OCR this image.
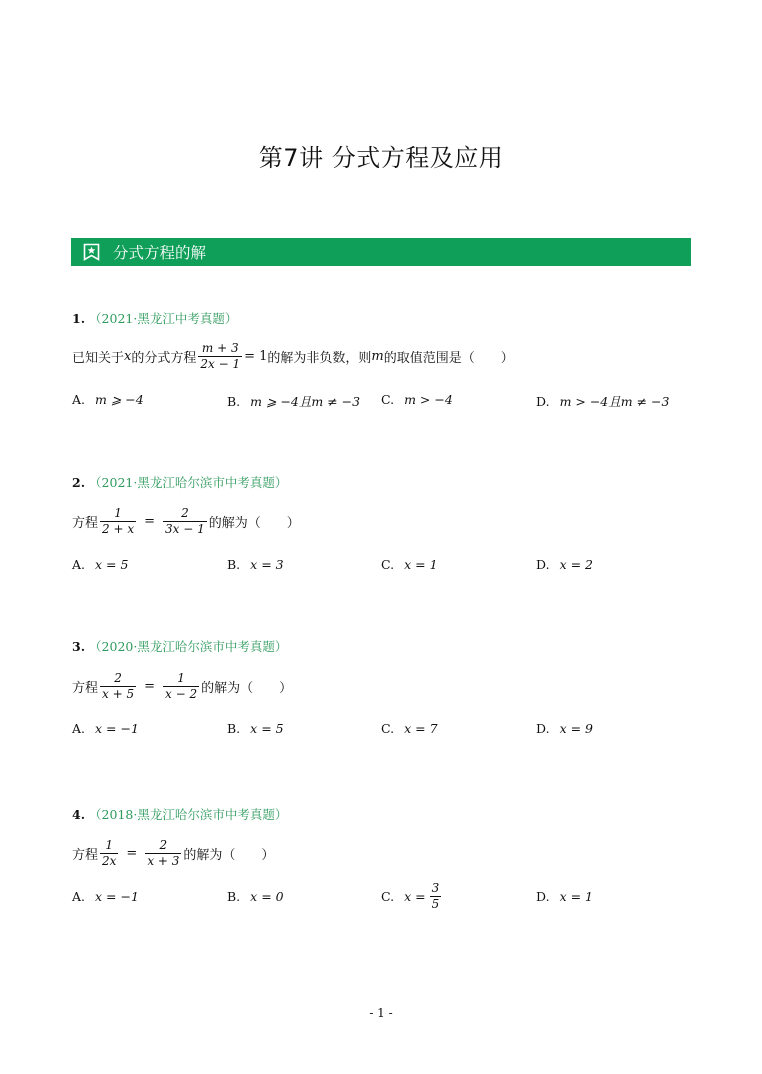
第7讲 分式方程及应用
分式方程的解
1. （2021·黑龙江中考真题）
已知关于 x 的分式方程 $\frac{m + 3}{2x - 1} = 1$ 的解为非负数，则 m 的取值范围是（　　）
A. m ⩾ −4	B. m ⩾ −4且m ≠ −3 C. m > −4	D. m > −4且m ≠ −3
2. （2021·黑龙江哈尔滨市中考真题）
方程 $\frac{1}{2 + x} = \frac{2}{3x - 1}$ 的解为（　　）
A. x = 5	B. x = 3	C. x = 1	D. x = 2
3. （2020·黑龙江哈尔滨市中考真题）
方程 $\frac{2}{x + 5} = \frac{1}{x - 2}$ 的解为（　　）
A. x = −1	B. x = 5	C. x = 7	D. x = 9
4. （2018·黑龙江哈尔滨市中考真题）
方程 $\frac{1}{2x} = \frac{2}{x + 3}$ 的解为（　　）
A. x = −1	B. x = 0	C. $x = \frac{3}{5}$	D. x = 1
- 1 -
